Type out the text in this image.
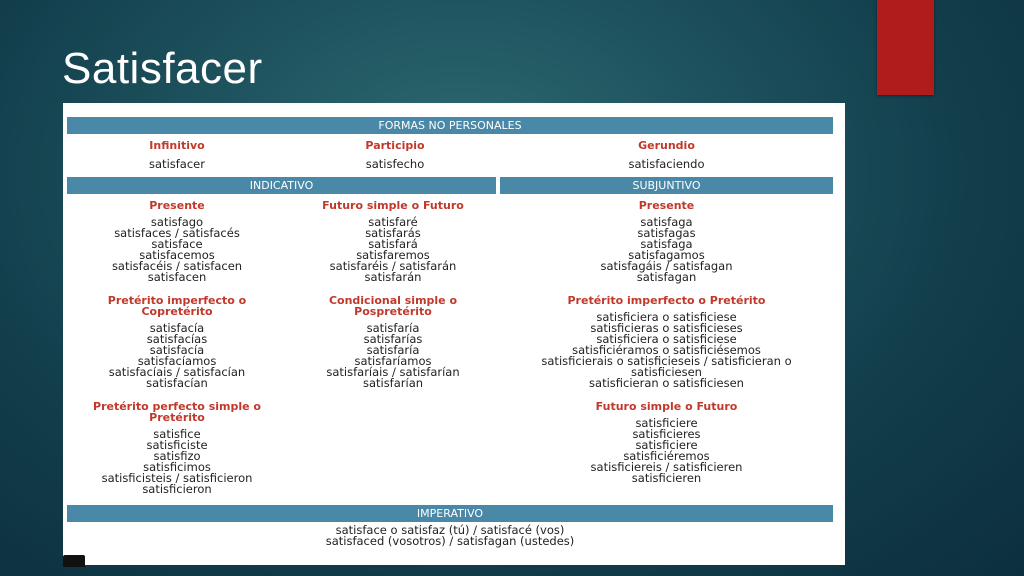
Satisfacer
FORMAS NO PERSONALES
Infinitivo
satisfacer
Participio
satisfecho
Gerundio
satisfaciendo
INDICATIVO	SUBJUNTIVO
Presente
satisfago
satisfaces / satisfacés
satisface
satisfacemos
satisfacéis / satisfacen
satisfacen
Futuro simple o Futuro
satisfaré
satisfarás
satisfará
satisfaremos
satisfaréis / satisfarán
satisfarán
Presente
satisfaga
satisfagas
satisfaga
satisfagamos
satisfagáis / satisfagan
satisfagan
Pretérito imperfecto o Copretérito
satisfacía
satisfacías
satisfacía
satisfacíamos
satisfacíais / satisfacían
satisfacían
Condicional simple o Pospretérito
satisfaría
satisfarías
satisfaría
satisfaríamos
satisfaríais / satisfarían
satisfarían
Pretérito imperfecto o Pretérito
satisficiera o satisficiese
satisficieras o satisficieses
satisficiera o satisficiese
satisficiéramos o satisficiésemos
satisficierais o satisficieseis / satisficieran o
satisficiesen
satisficieran o satisficiesen
Pretérito perfecto simple o Pretérito
satisfice
satisficiste
satisfizo
satisficimos
satisficisteis / satisficieron
satisficieron
Futuro simple o Futuro
satisficiere
satisficieres
satisficiere
satisficiéremos
satisficiereis / satisficieren
satisficieren
IMPERATIVO
satisface o satisfaz (tú) / satisfacé (vos)
satisfaced (vosotros) / satisfagan (ustedes)
